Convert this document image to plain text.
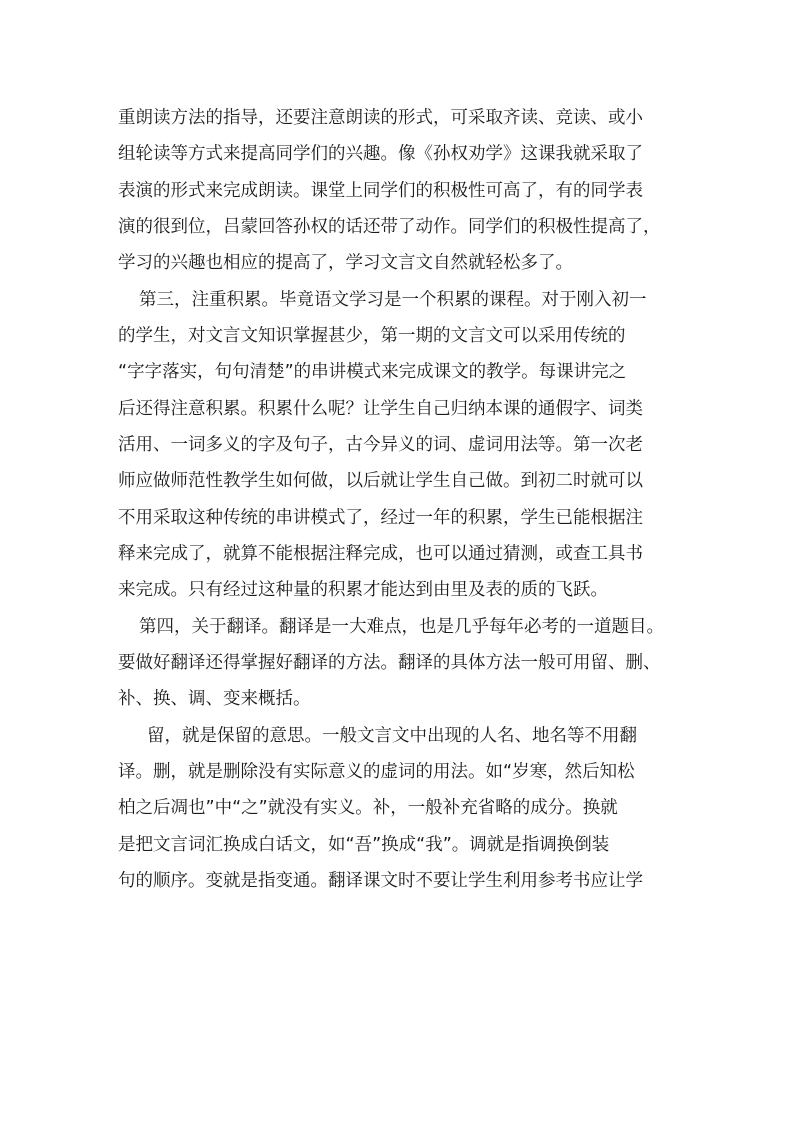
重朗读方法的指导，还要注意朗读的形式，可采取齐读、竞读、或小
组轮读等方式来提高同学们的兴趣。像《孙权劝学》这课我就采取了
表演的形式来完成朗读。课堂上同学们的积极性可高了，有的同学表
演的很到位，吕蒙回答孙权的话还带了动作。同学们的积极性提高了，
学习的兴趣也相应的提高了，学习文言文自然就轻松多了。
第三，注重积累。毕竟语文学习是一个积累的课程。对于刚入初一
的学生，对文言文知识掌握甚少，第一期的文言文可以采用传统的
“字字落实，句句清楚”的串讲模式来完成课文的教学。每课讲完之
后还得注意积累。积累什么呢？让学生自己归纳本课的通假字、词类
活用、一词多义的字及句子，古今异义的词、虚词用法等。第一次老
师应做师范性教学生如何做，以后就让学生自己做。到初二时就可以
不用采取这种传统的串讲模式了，经过一年的积累，学生已能根据注
释来完成了，就算不能根据注释完成，也可以通过猜测，或查工具书
来完成。只有经过这种量的积累才能达到由里及表的质的飞跃。
第四，关于翻译。翻译是一大难点，也是几乎每年必考的一道题目。
要做好翻译还得掌握好翻译的方法。翻译的具体方法一般可用留、删、
补、换、调、变来概括。
留，就是保留的意思。一般文言文中出现的人名、地名等不用翻
译。删，就是删除没有实际意义的虚词的用法。如“岁寒，然后知松
柏之后凋也”中“之”就没有实义。补，一般补充省略的成分。换就
是把文言词汇换成白话文，如“吾”换成“我”。调就是指调换倒装
句的顺序。变就是指变通。翻译课文时不要让学生利用参考书应让学
